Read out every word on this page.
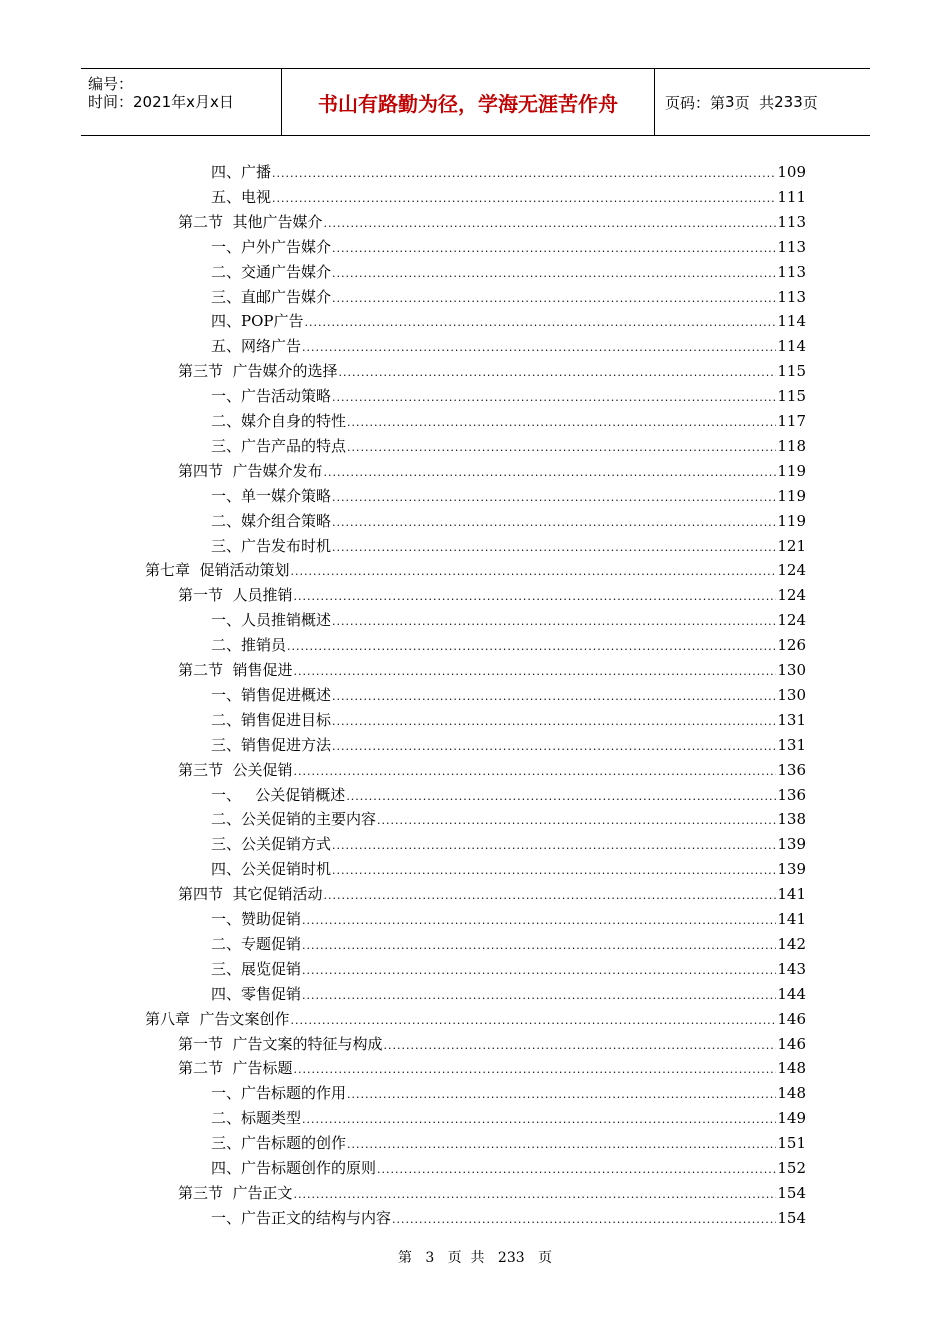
编号：
时间：2021年x月x日	书山有路勤为径，学海无涯苦作舟	页码：第 3 页  共 233 页
四、广播 .....	109
五、电视 .....	111
第二节  其他广告媒介 .....	113
一、户外广告媒介 .....	113
二、交通广告媒介 .....	113
三、直邮广告媒介 .....	113
四、POP广告 .....	114
五、网络广告 .....	114
第三节  广告媒介的选择 .....	115
一、广告活动策略 .....	115
二、媒介自身的特性 .....	117
三、广告产品的特点 .....	118
第四节  广告媒介发布 .....	119
一、单一媒介策略 .....	119
二、媒介组合策略 .....	119
三、广告发布时机 .....	121
第七章  促销活动策划 .....	124
第一节  人员推销 .....	124
一、人员推销概述 .....	124
二、推销员 .....	126
第二节  销售促进 .....	130
一、销售促进概述 .....	130
二、销售促进目标 .....	131
三、销售促进方法 .....	131
第三节  公关促销 .....	136
一、   公关促销概述 .....	136
二、公关促销的主要内容 .....	138
三、公关促销方式 .....	139
四、公关促销时机 .....	139
第四节  其它促销活动 .....	141
一、赞助促销 .....	141
二、专题促销 .....	142
三、展览促销 .....	143
四、零售促销 .....	144
第八章  广告文案创作 .....	146
第一节  广告文案的特征与构成 .....	146
第二节  广告标题 .....	148
一、广告标题的作用 .....	148
二、标题类型 .....	149
三、广告标题的创作 .....	151
四、广告标题创作的原则 .....	152
第三节  广告正文 .....	154
一、广告正文的结构与内容 .....	154
第 3 页  共 233 页
